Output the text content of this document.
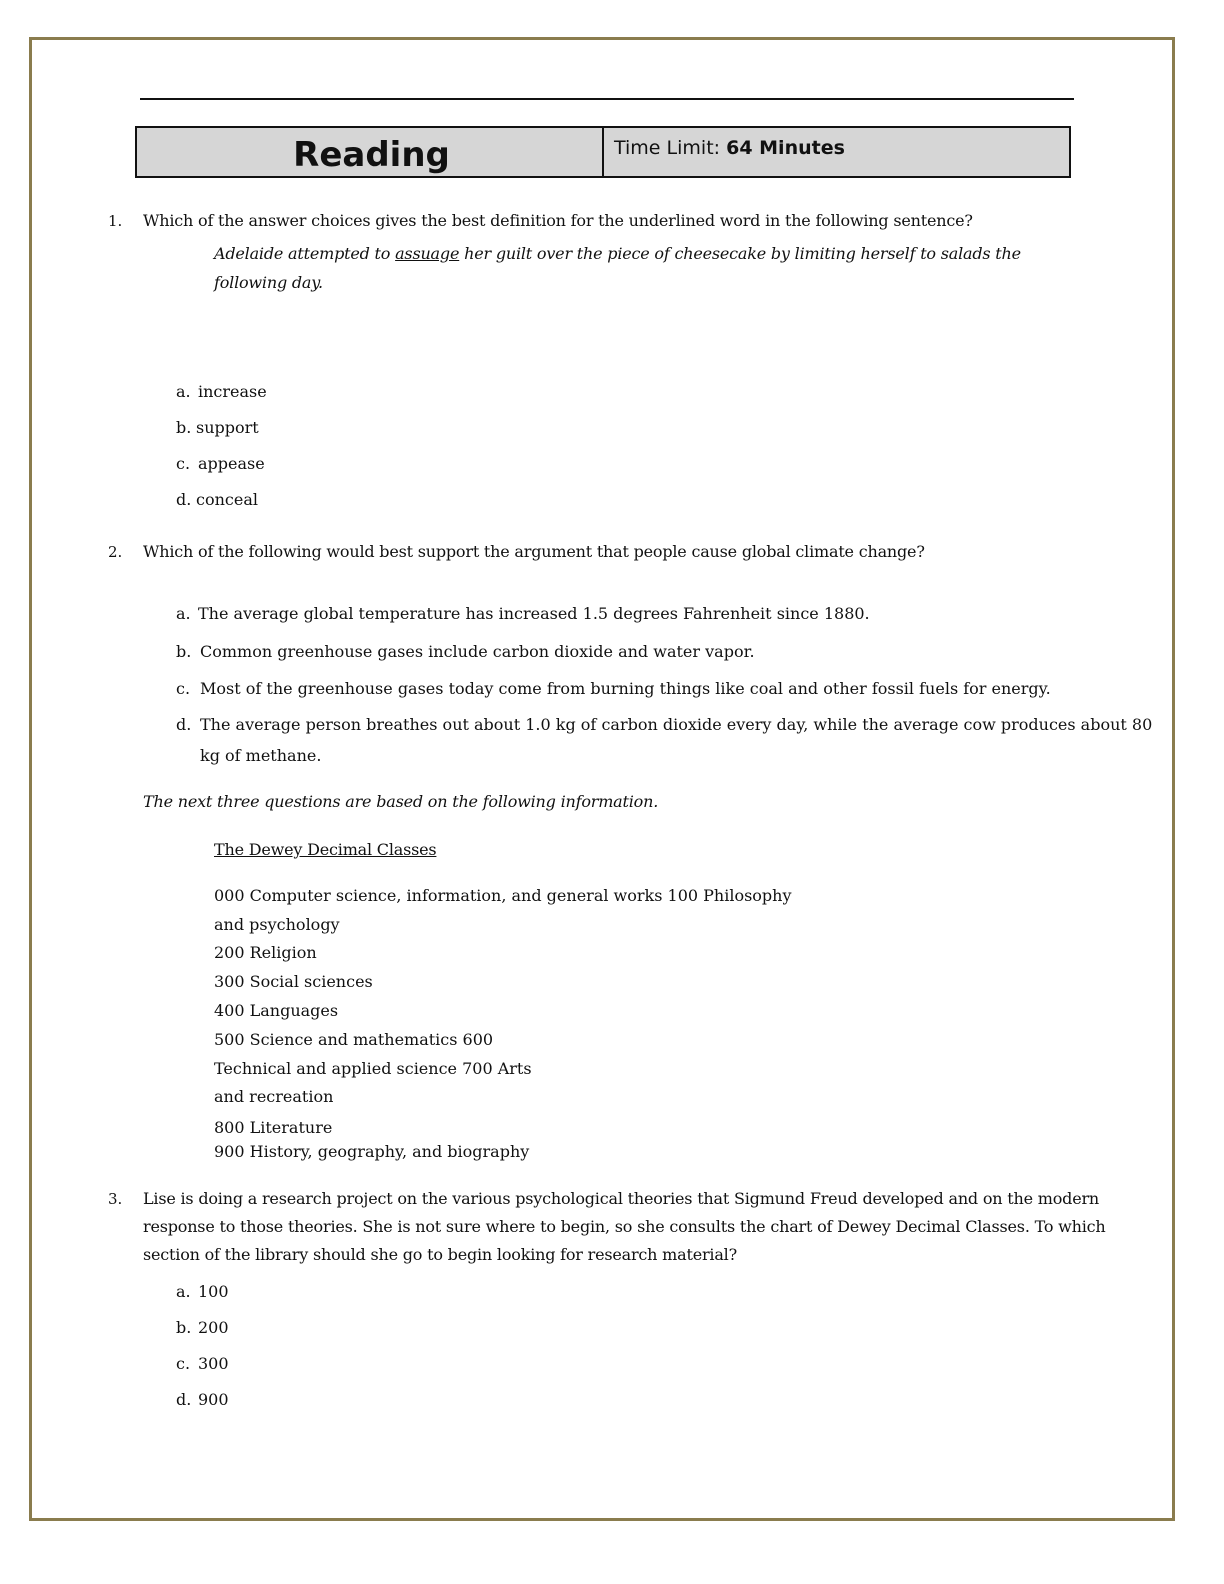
Reading	Time Limit: 64 Minutes
1. Which of the answer choices gives the best definition for the underlined word in the following sentence?
Adelaide attempted to assuage her guilt over the piece of cheesecake by limiting herself to salads the
following day.
a. increase
b. support
c. appease
d. conceal
2. Which of the following would best support the argument that people cause global climate change?
a. The average global temperature has increased 1.5 degrees Fahrenheit since 1880.
b. Common greenhouse gases include carbon dioxide and water vapor.
c. Most of the greenhouse gases today come from burning things like coal and other fossil fuels for energy.
d. The average person breathes out about 1.0 kg of carbon dioxide every day, while the average cow produces about 80
kg of methane.
The next three questions are based on the following information.
The Dewey Decimal Classes
000 Computer science, information, and general works 100 Philosophy
and psychology
200 Religion
300 Social sciences
400 Languages
500 Science and mathematics 600
Technical and applied science 700 Arts
and recreation
800 Literature
900 History, geography, and biography
3. Lise is doing a research project on the various psychological theories that Sigmund Freud developed and on the modern
response to those theories. She is not sure where to begin, so she consults the chart of Dewey Decimal Classes. To which
section of the library should she go to begin looking for research material?
a. 100
b. 200
c. 300
d. 900
